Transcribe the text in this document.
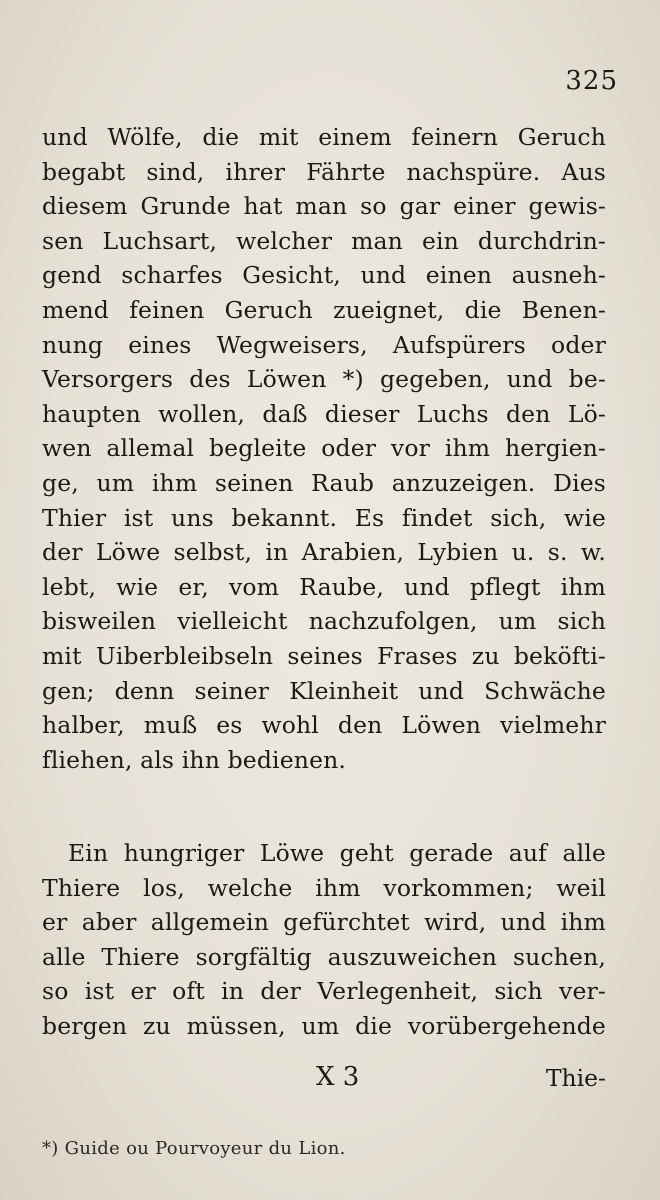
325
und Wölfe, die mit einem feinern Geruch
begabt sind, ihrer Fährte nachspüre. Aus
diesem Grunde hat man so gar einer gewis-
sen Luchsart, welcher man ein durchdrin-
gend scharfes Gesicht, und einen ausneh-
mend feinen Geruch zueignet, die Benen-
nung eines Wegweisers, Aufspürers oder
Versorgers des Löwen *) gegeben, und be-
haupten wollen, daß dieser Luchs den Lö-
wen allemal begleite oder vor ihm hergien-
ge, um ihm seinen Raub anzuzeigen. Dies
Thier ist uns bekannt. Es findet sich, wie
der Löwe selbst, in Arabien, Lybien u. s. w.
lebt, wie er, vom Raube, und pflegt ihm
bisweilen vielleicht nachzufolgen, um sich
mit Uiberbleibseln seines Frases zu beköfti-
gen; denn seiner Kleinheit und Schwäche
halber, muß es wohl den Löwen vielmehr
fliehen, als ihn bedienen.
Ein hungriger Löwe geht gerade auf alle
Thiere los, welche ihm vorkommen; weil
er aber allgemein gefürchtet wird, und ihm
alle Thiere sorgfältig auszuweichen suchen,
so ist er oft in der Verlegenheit, sich ver-
bergen zu müssen, um die vorübergehende
X 3	Thie-
*) Guide ou Pourvoyeur du Lion.
